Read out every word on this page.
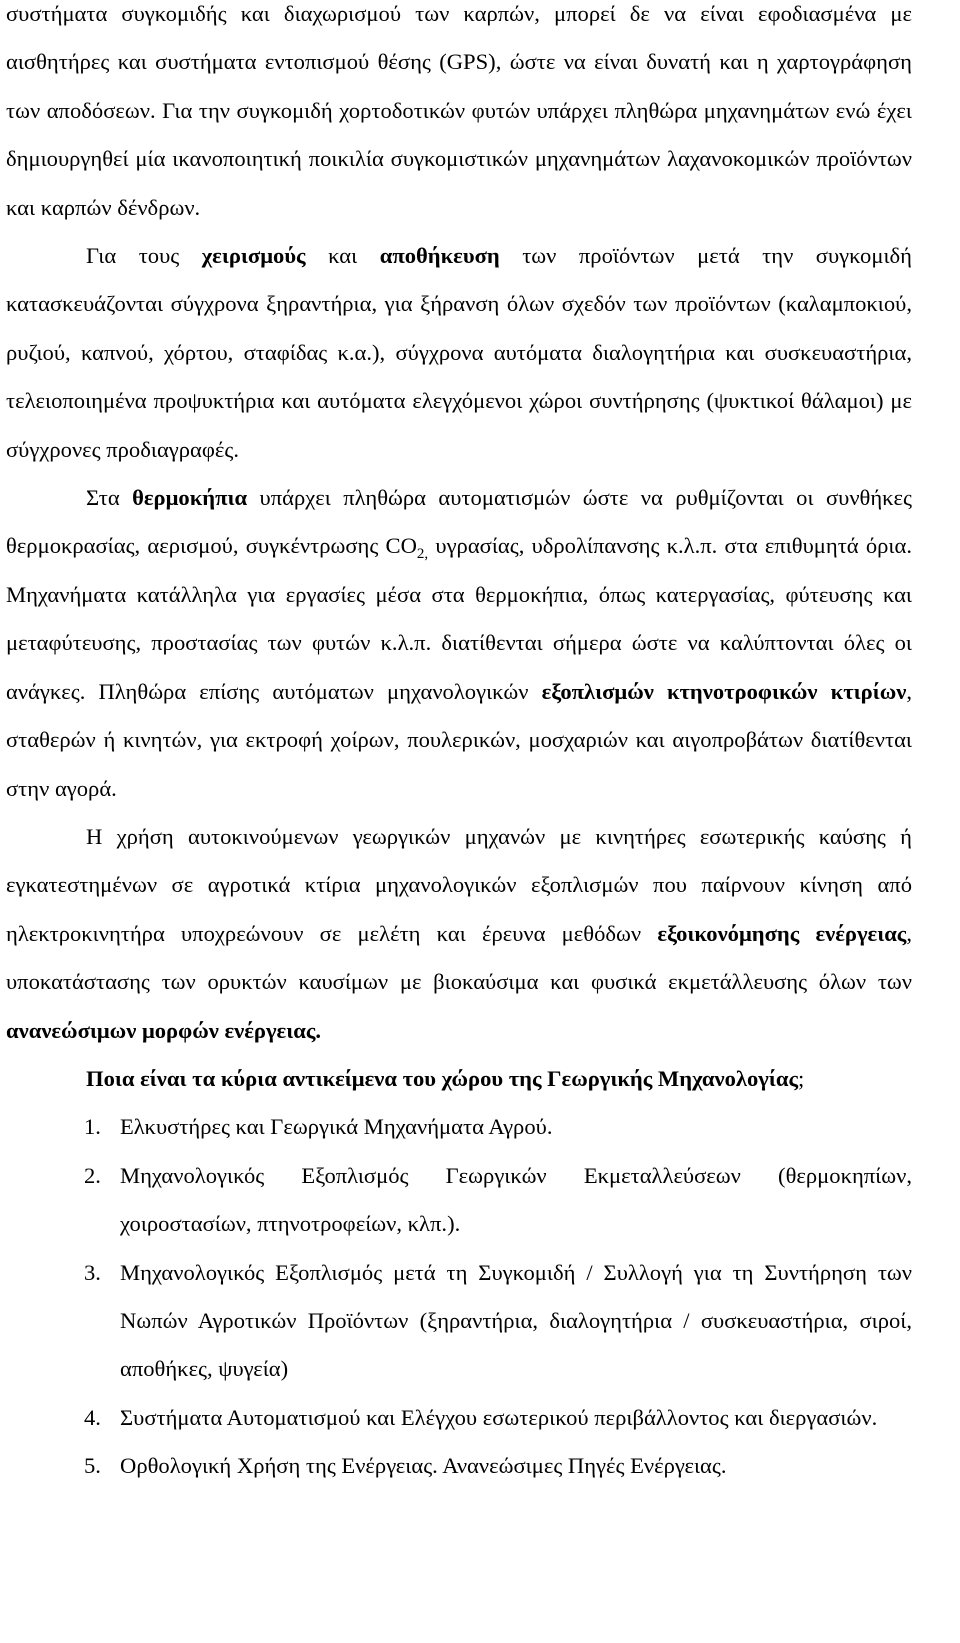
συστήματα συγκομιδής και διαχωρισμού των καρπών, μπορεί δε να είναι εφοδιασμένα με αισθητήρες και συστήματα εντοπισμού θέσης (GPS), ώστε να είναι δυνατή και η χαρτογράφηση των αποδόσεων. Για την συγκομιδή χορτοδοτικών φυτών υπάρχει πληθώρα μηχανημάτων ενώ έχει δημιουργηθεί μία ικανοποιητική ποικιλία συγκομιστικών μηχανημάτων λαχανοκομικών προϊόντων και καρπών δένδρων.

Για τους χειρισμούς και αποθήκευση των προϊόντων μετά την συγκομιδή κατασκευάζονται σύγχρονα ξηραντήρια, για ξήρανση όλων σχεδόν των προϊόντων (καλαμποκιού, ρυζιού, καπνού, χόρτου, σταφίδας κ.α.), σύγχρονα αυτόματα διαλογητήρια και συσκευαστήρια, τελειοποιημένα προψυκτήρια και αυτόματα ελεγχόμενοι χώροι συντήρησης (ψυκτικοί θάλαμοι) με σύγχρονες προδιαγραφές.

Στα θερμοκήπια υπάρχει πληθώρα αυτοματισμών ώστε να ρυθμίζονται οι συνθήκες θερμοκρασίας, αερισμού, συγκέντρωσης $CO_{2,}$ υγρασίας, υδρολίπανσης κ.λ.π. στα επιθυμητά όρια. Μηχανήματα κατάλληλα για εργασίες μέσα στα θερμοκήπια, όπως κατεργασίας, φύτευσης και μεταφύτευσης, προστασίας των φυτών κ.λ.π. διατίθενται σήμερα ώστε να καλύπτονται όλες οι ανάγκες. Πληθώρα επίσης αυτόματων μηχανολογικών εξοπλισμών κτηνοτροφικών κτιρίων, σταθερών ή κινητών, για εκτροφή χοίρων, πουλερικών, μοσχαριών και αιγοπροβάτων διατίθενται στην αγορά.

Η χρήση αυτοκινούμενων γεωργικών μηχανών με κινητήρες εσωτερικής καύσης ή εγκατεστημένων σε αγροτικά κτίρια μηχανολογικών εξοπλισμών που παίρνουν κίνηση από ηλεκτροκινητήρα υποχρεώνουν σε μελέτη και έρευνα μεθόδων εξοικονόμησης ενέργειας, υποκατάστασης των ορυκτών καυσίμων με βιοκαύσιμα και φυσικά εκμετάλλευσης όλων των ανανεώσιμων μορφών ενέργειας.

Ποια είναι τα κύρια αντικείμενα του χώρου της Γεωργικής Μηχανολογίας;

1. Ελκυστήρες και Γεωργικά Μηχανήματα Αγρού.
2. Μηχανολογικός Εξοπλισμός Γεωργικών Εκμεταλλεύσεων (θερμοκηπίων, χοιροστασίων, πτηνοτροφείων, κλπ.).
3. Μηχανολογικός Εξοπλισμός μετά τη Συγκομιδή / Συλλογή για τη Συντήρηση των Νωπών Αγροτικών Προϊόντων (ξηραντήρια, διαλογητήρια / συσκευαστήρια, σιροί, αποθήκες, ψυγεία)
4. Συστήματα Αυτοματισμού και Ελέγχου εσωτερικού περιβάλλοντος και διεργασιών.
5. Ορθολογική Χρήση της Ενέργειας. Ανανεώσιμες Πηγές Ενέργειας.
